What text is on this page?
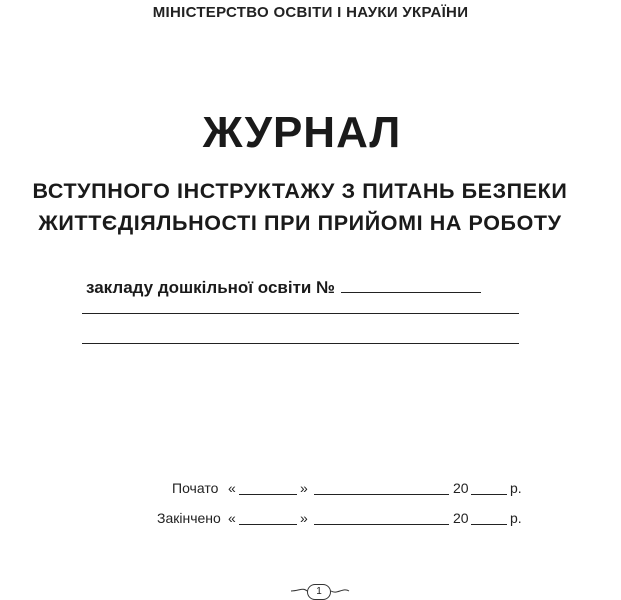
МІНІСТЕРСТВО ОСВІТИ І НАУКИ УКРАЇНИ
ЖУРНАЛ
ВСТУПНОГО ІНСТРУКТАЖУ З ПИТАНЬ БЕЗПЕКИ
ЖИТТЄДІЯЛЬНОСТІ ПРИ ПРИЙОМІ НА РОБОТУ
закладу дошкільної освіти №
Почато «	»	20	р.
Закінчено «	»	20	р.
1
